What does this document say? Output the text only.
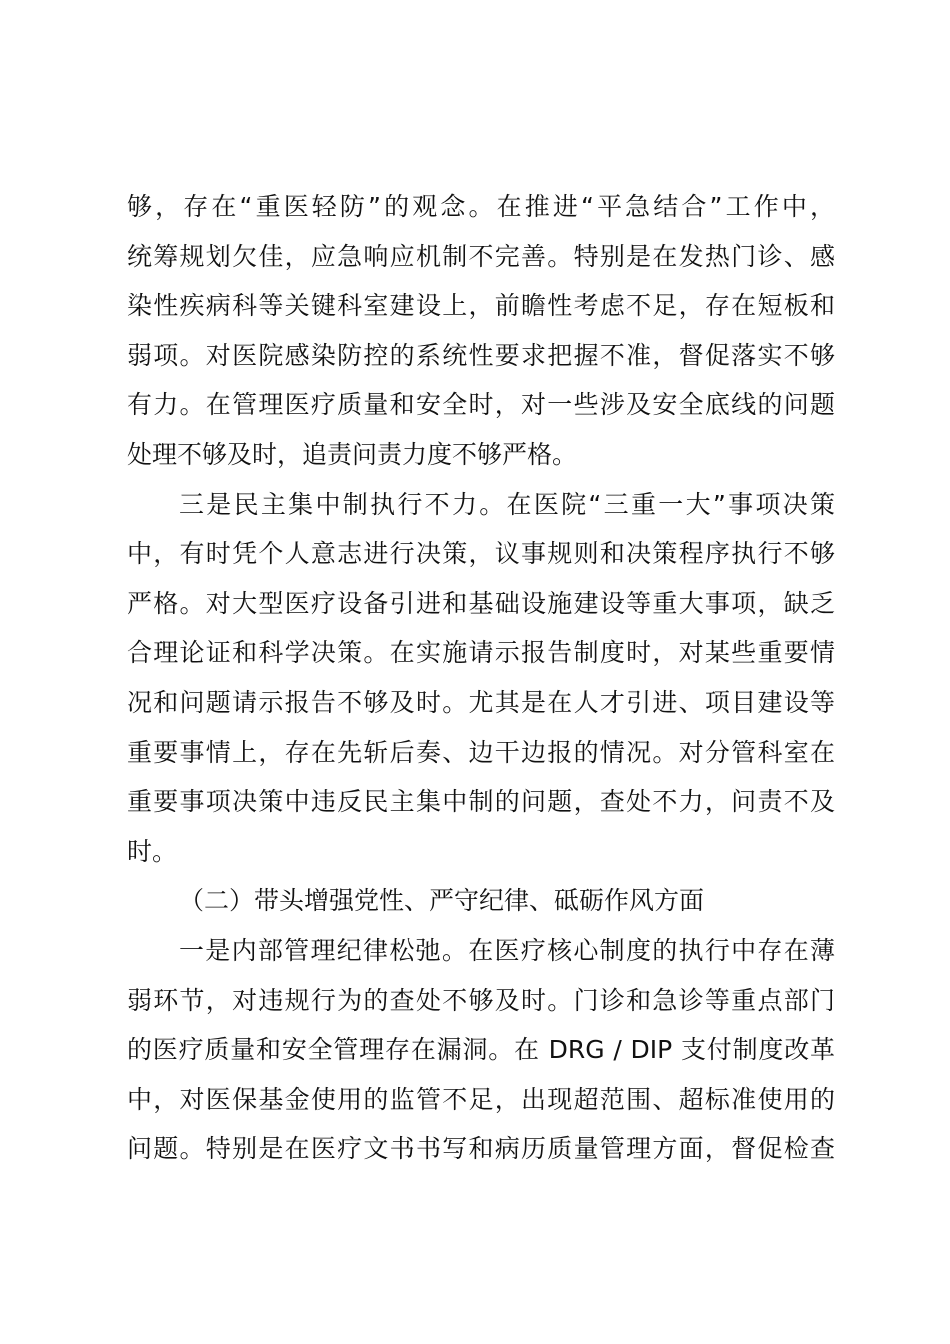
够，存在“重医轻防”的观念。在推进“平急结合”工作中，
统筹规划欠佳，应急响应机制不完善。特别是在发热门诊、感
染性疾病科等关键科室建设上，前瞻性考虑不足，存在短板和
弱项。对医院感染防控的系统性要求把握不准，督促落实不够
有力。在管理医疗质量和安全时，对一些涉及安全底线的问题
处理不够及时，追责问责力度不够严格。
三是民主集中制执行不力。在医院“三重一大”事项决策
中，有时凭个人意志进行决策，议事规则和决策程序执行不够
严格。对大型医疗设备引进和基础设施建设等重大事项，缺乏
合理论证和科学决策。在实施请示报告制度时，对某些重要情
况和问题请示报告不够及时。尤其是在人才引进、项目建设等
重要事情上，存在先斩后奏、边干边报的情况。对分管科室在
重要事项决策中违反民主集中制的问题，查处不力，问责不及
时。
（二）带头增强党性、严守纪律、砥砺作风方面
一是内部管理纪律松弛。在医疗核心制度的执行中存在薄
弱环节，对违规行为的查处不够及时。门诊和急诊等重点部门
的医疗质量和安全管理存在漏洞。在 DRG / DIP 支付制度改革
中，对医保基金使用的监管不足，出现超范围、超标准使用的
问题。特别是在医疗文书书写和病历质量管理方面，督促检查
